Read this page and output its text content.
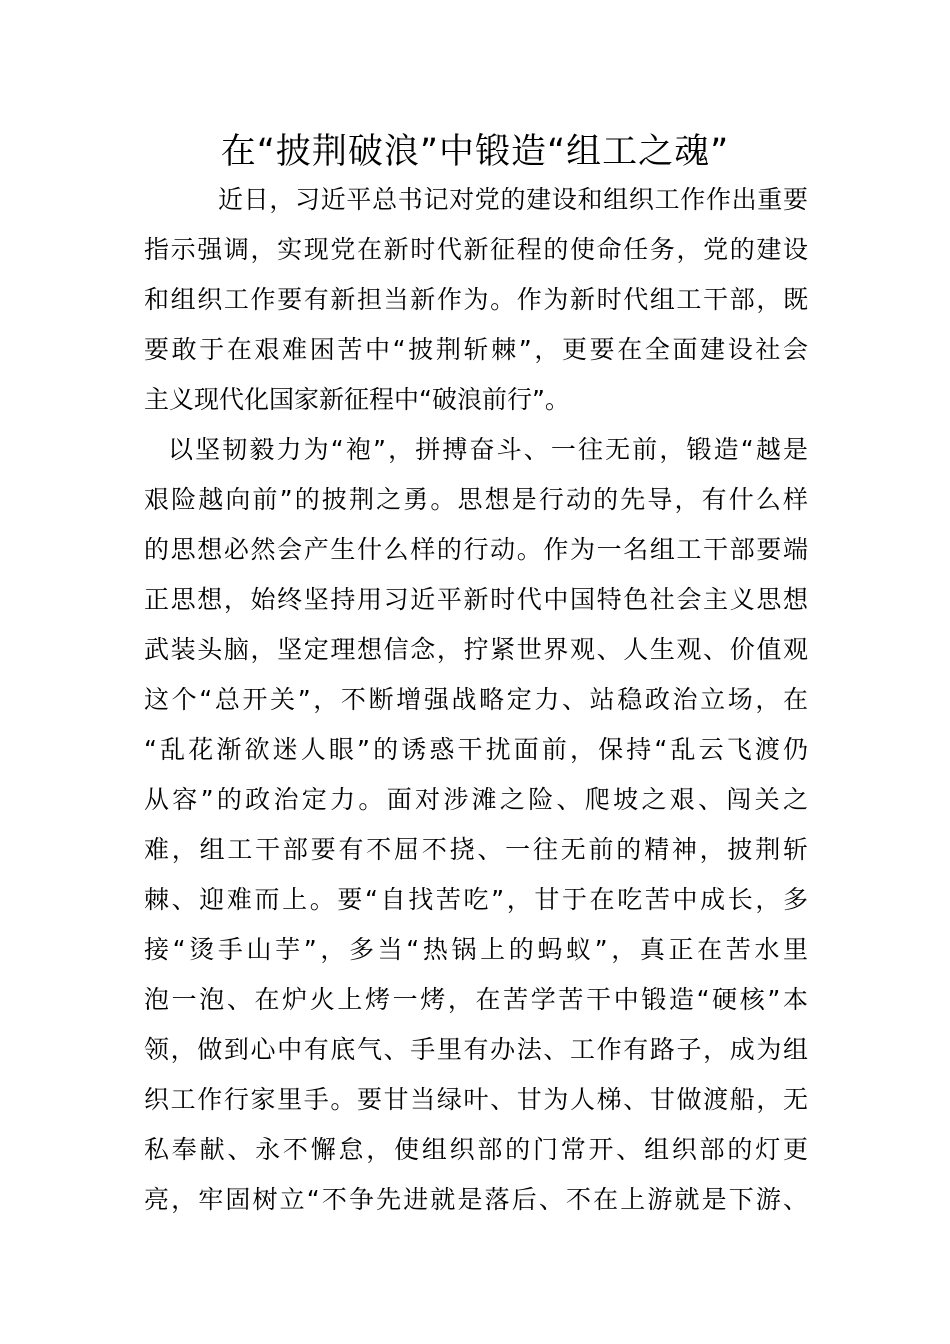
在“披荆破浪”中锻造“组工之魂”
近日，习近平总书记对党的建设和组织工作作出重要
指示强调，实现党在新时代新征程的使命任务，党的建设
和组织工作要有新担当新作为。作为新时代组工干部，既
要敢于在艰难困苦中“披荆斩棘”，更要在全面建设社会
主义现代化国家新征程中“破浪前行”。
以坚韧毅力为“袍”，拼搏奋斗、一往无前，锻造“越是
艰险越向前”的披荆之勇。思想是行动的先导，有什么样
的思想必然会产生什么样的行动。作为一名组工干部要端
正思想，始终坚持用习近平新时代中国特色社会主义思想
武装头脑，坚定理想信念，拧紧世界观、人生观、价值观
这个“总开关”，不断增强战略定力、站稳政治立场，在
“乱花渐欲迷人眼”的诱惑干扰面前，保持“乱云飞渡仍
从容”的政治定力。面对涉滩之险、爬坡之艰、闯关之
难，组工干部要有不屈不挠、一往无前的精神，披荆斩
棘、迎难而上。要“自找苦吃”，甘于在吃苦中成长，多
接“烫手山芋”，多当“热锅上的蚂蚁”，真正在苦水里
泡一泡、在炉火上烤一烤，在苦学苦干中锻造“硬核”本
领，做到心中有底气、手里有办法、工作有路子，成为组
织工作行家里手。要甘当绿叶、甘为人梯、甘做渡船，无
私奉献、永不懈怠，使组织部的门常开、组织部的灯更
亮，牢固树立“不争先进就是落后、不在上游就是下游、
